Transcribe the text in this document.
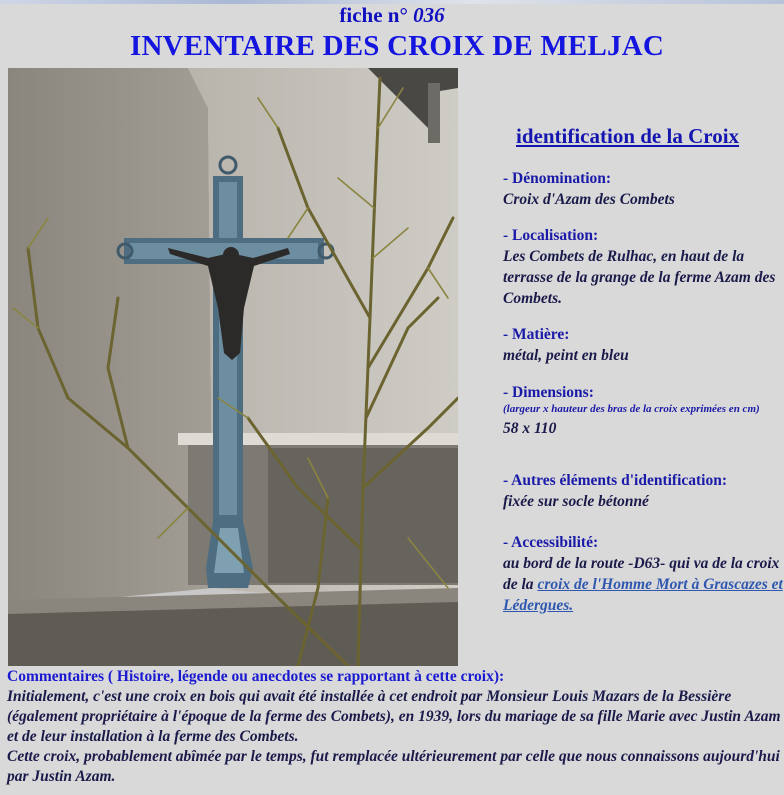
fiche n° 036
INVENTAIRE DES CROIX DE MELJAC
identification de la Croix
- Dénomination:
Croix d'Azam des Combets
- Localisation:
Les Combets de Rulhac, en haut de la terrasse de la grange de la ferme Azam des Combets.
- Matière:
métal, peint en bleu
- Dimensions:
(largeur x hauteur des bras de la croix exprimées en cm)
58 x 110
- Autres éléments d'identification:
fixée sur socle bétonné
- Accessibilité:
au bord de la route -D63- qui va de la croix de la croix de l'Homme Mort à Grascazes et Lédergues.
Commentaires ( Histoire, légende ou anecdotes se rapportant à cette croix):
Initialement, c'est une croix en bois qui avait été installée à cet endroit par Monsieur Louis Mazars de la Bessière (également propriétaire à l'époque de la ferme des Combets), en 1939, lors du mariage de sa fille Marie avec Justin Azam et de leur installation à la ferme des Combets.
Cette croix, probablement abîmée par le temps, fut remplacée ultérieurement par celle que nous connaissons aujourd'hui par Justin Azam.
